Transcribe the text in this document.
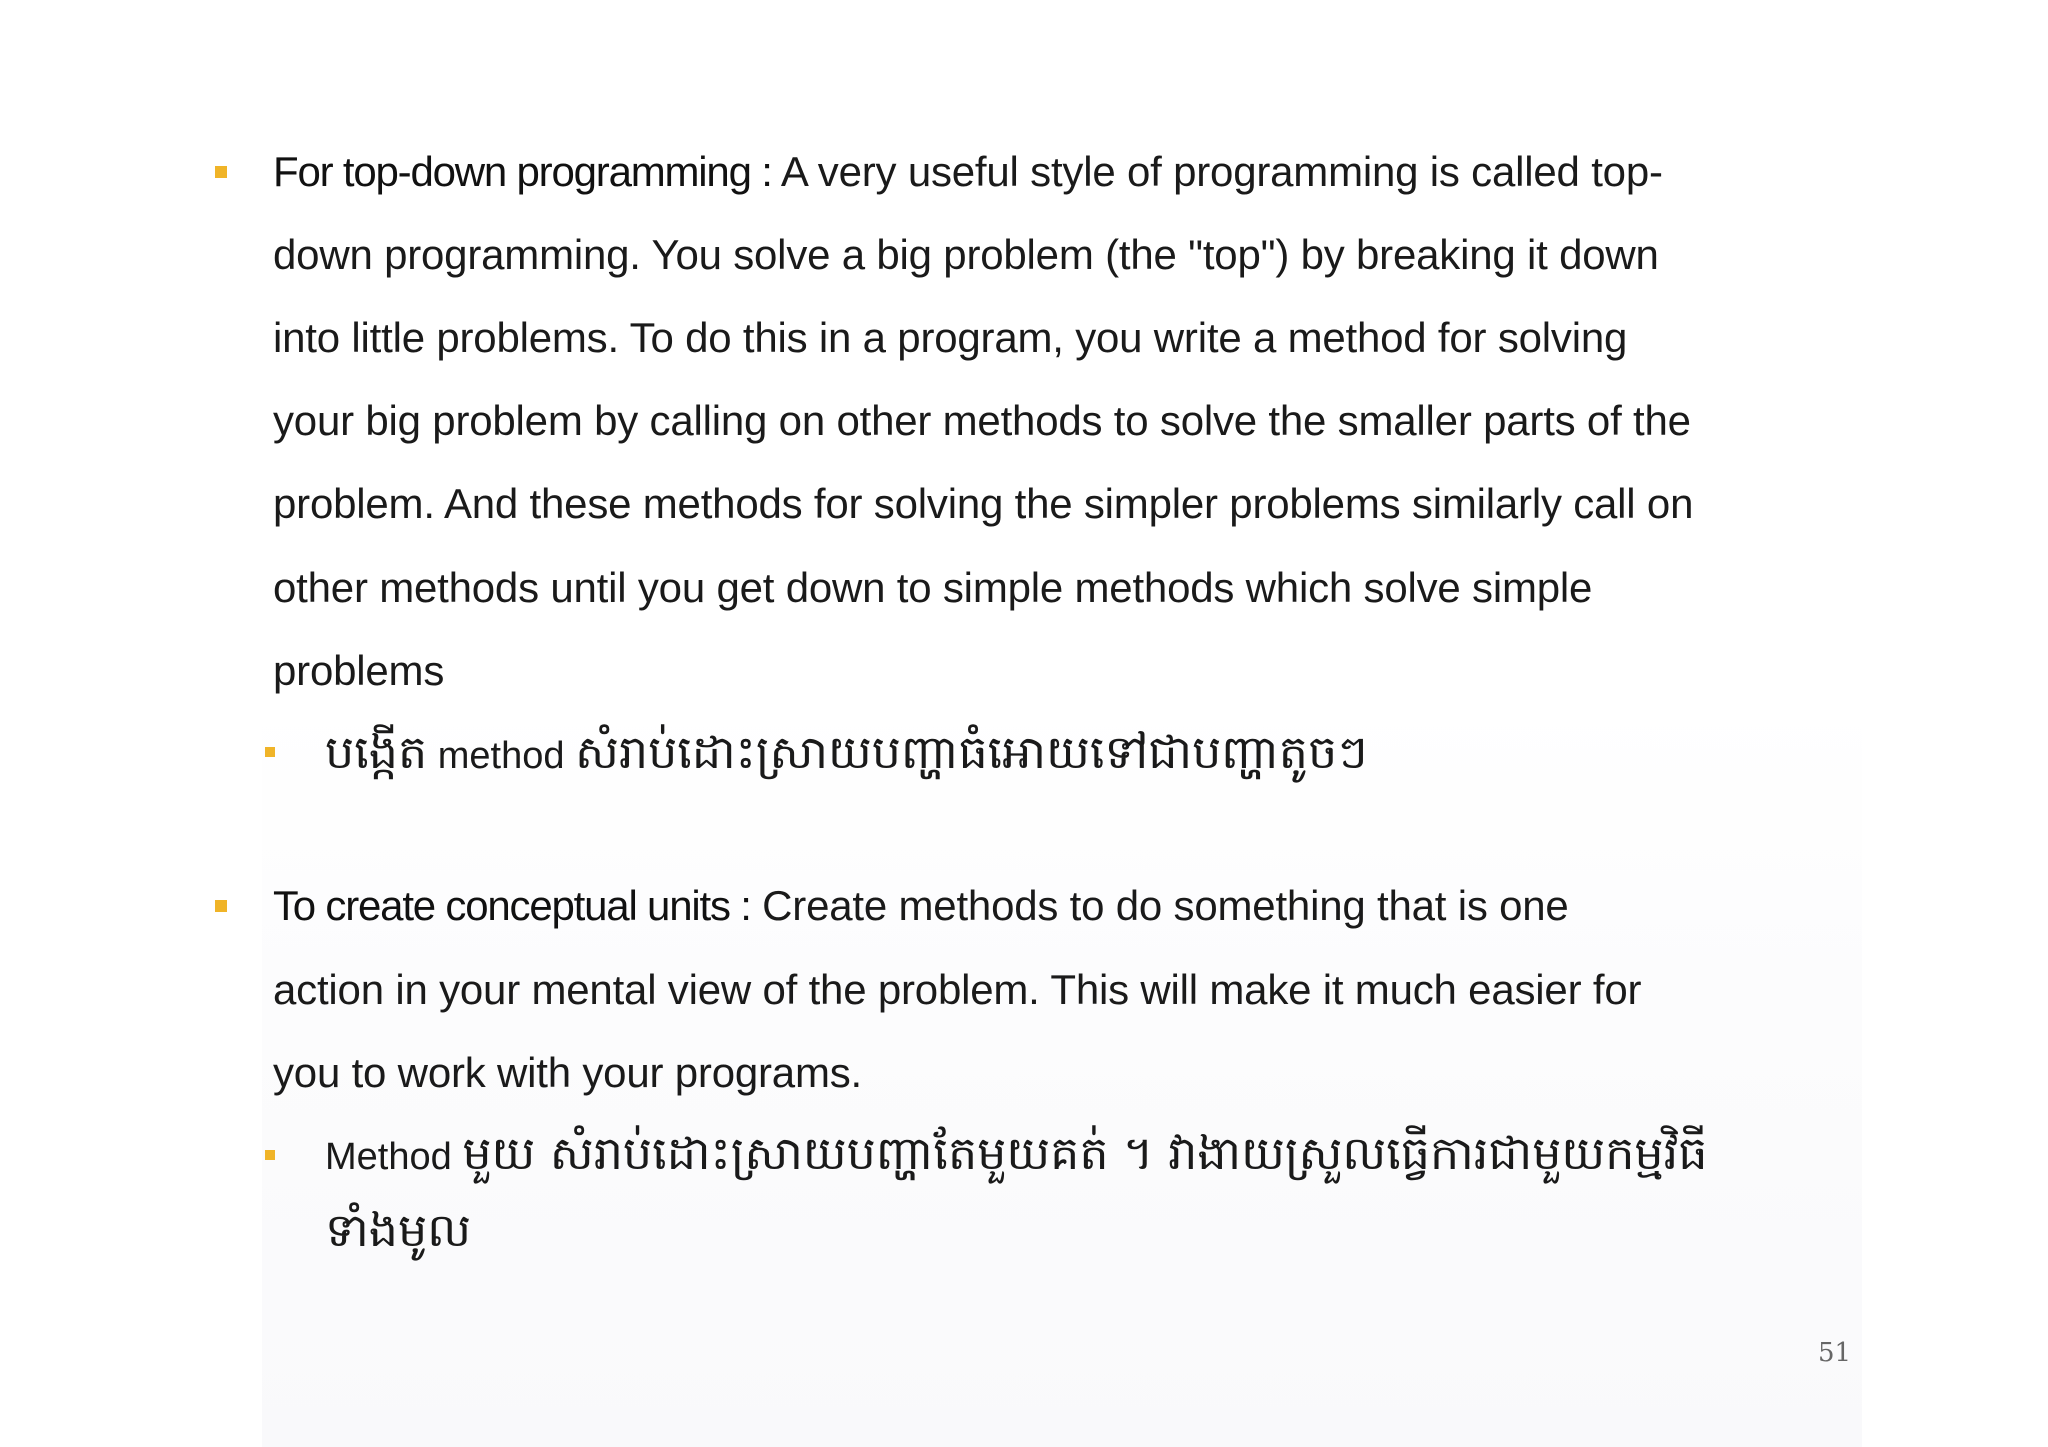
For top-down programming : A very useful style of programming is called top-
down programming. You solve a big problem (the "top") by breaking it down
into little problems. To do this in a program, you write a method for solving
your big problem by calling on other methods to solve the smaller parts of the
problem. And these methods for solving the simpler problems similarly call on
other methods until you get down to simple methods which solve simple
problems
បង្កើត method សំរាប់ដោះស្រាយបញ្ហាធំអោយទៅជាបញ្ហាតូចៗ
To create conceptual units : Create methods to do something that is one
action in your mental view of the problem. This will make it much easier for
you to work with your programs.
Method មួយ សំរាប់ដោះស្រាយបញ្ហាតែមួយគត់ ។ វាងាយស្រួលធ្វើការជាមួយកម្មវិធី
ទាំងមូល
51
